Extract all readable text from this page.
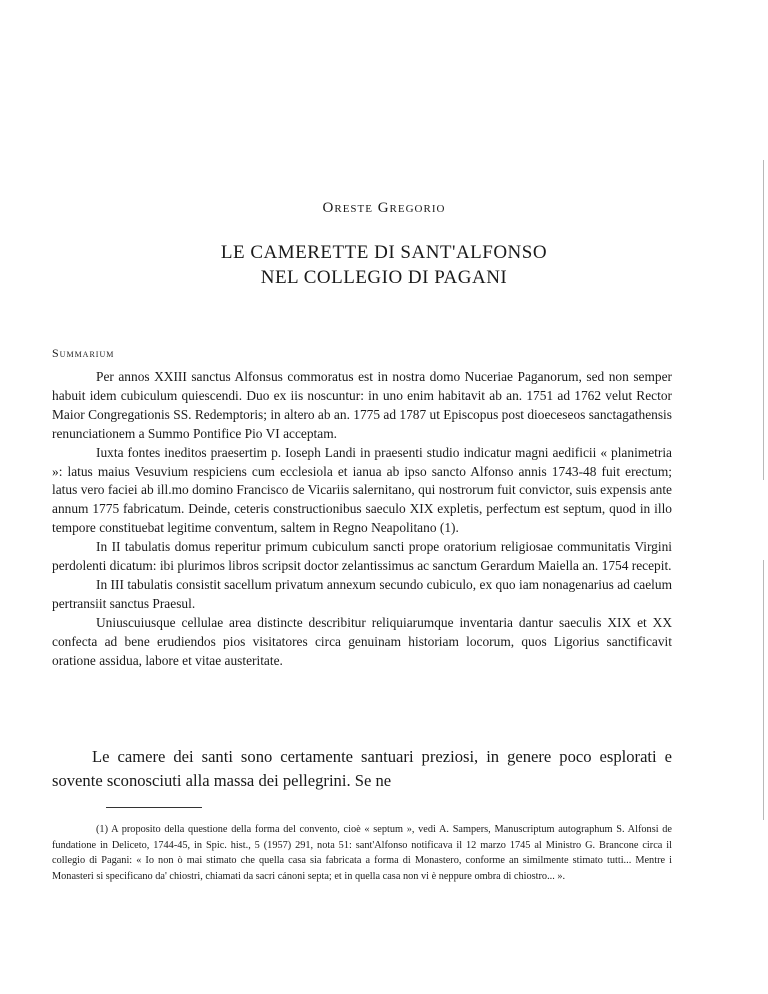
Oreste Gregorio
LE CAMERETTE DI SANT'ALFONSO
NEL COLLEGIO DI PAGANI
Summarium

Per annos XXIII sanctus Alfonsus commoratus est in nostra domo Nuceriae Paganorum, sed non semper habuit idem cubiculum quiescendi. Duo ex iis noscuntur: in uno enim habitavit ab an. 1751 ad 1762 velut Rector Maior Congregationis SS. Redemptoris; in altero ab an. 1775 ad 1787 ut Episcopus post dioeceseos sanctagathensis renunciationem a Summo Pontifice Pio VI acceptam.

Iuxta fontes ineditos praesertim p. Ioseph Landi in praesenti studio indicatur magni aedificii « planimetria »: latus maius Vesuvium respiciens cum ecclesiola et ianua ab ipso sancto Alfonso annis 1743-48 fuit erectum; latus vero faciei ab ill.mo domino Francisco de Vicariis salernitano, qui nostrorum fuit convictor, suis expensis ante annum 1775 fabricatum. Deinde, ceteris constructionibus saeculo XIX expletis, perfectum est septum, quod in illo tempore constituebat legitime conventum, saltem in Regno Neapolitano (1).

In II tabulatis domus reperitur primum cubiculum sancti prope oratorium religiosae communitatis Virgini perdolenti dicatum: ibi plurimos libros scripsit doctor zelantissimus ac sanctum Gerardum Maiella an. 1754 recepit.

In III tabulatis consistit sacellum privatum annexum secundo cubiculo, ex quo iam nonagenarius ad caelum pertransiit sanctus Praesul.

Uniuscuiusque cellulae area distincte describitur reliquiarumque inventaria dantur saeculis XIX et XX confecta ad bene erudiendos pios visitatores circa genuinam historiam locorum, quos Ligorius sanctificavit oratione assidua, labore et vitae austeritate.

Le camere dei santi sono certamente santuari preziosi, in genere poco esplorati e sovente sconosciuti alla massa dei pellegrini. Se ne

(1) A proposito della questione della forma del convento, cioè « septum », vedi A. Sampers, Manuscriptum autographum S. Alfonsi de fundatione in Deliceto, 1744-45, in Spic. hist., 5 (1957) 291, nota 51: sant'Alfonso notificava il 12 marzo 1745 al Ministro G. Brancone circa il collegio di Pagani: « Io non ò mai stimato che quella casa sia fabricata a forma di Monastero, conforme an similmente stimato tutti... Mentre i Monasteri si specificano da' chiostri, chiamati da sacri cánoni septa; et in quella casa non vi è neppure ombra di chiostro... ».
